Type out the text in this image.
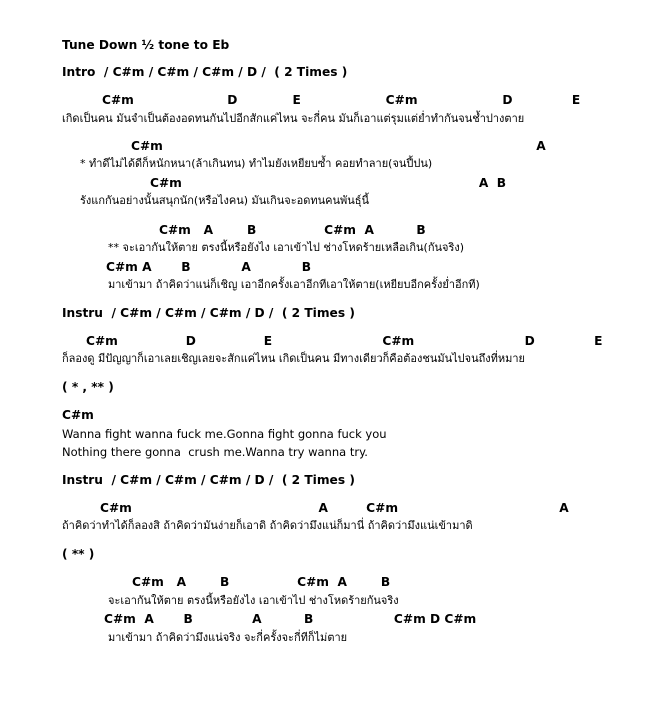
Tune Down ½ tone to Eb
Intro  / C#m / C#m / C#m / D /  ( 2 Times )
C#m                      D             E                    C#m                    D              E
เกิดเป็นคน มันจำเป็นต้องอดทนกันไปอีกสักแค่ไหน จะกี่คน มันก็เอาแต่รุมแต่ย่ำทำกันจนช้ำปางตาย
C#m                                                                                        A
* ทำดีไม่ได้ดีก็หนักหนา(ล้าเกินทน) ทำไมยังเหยียบซ้ำ คอยทำลาย(จนปี้ปน)
C#m                                                                      A  B
รังแกกันอย่างนั้นสนุกนัก(หรือไงคน) มันเกินจะอดทนคนพันธุ์นี้
C#m   A        B                C#m  A          B
** จะเอากันให้ตาย ตรงนี้หรือยังไง เอาเข้าไป ช่างโหดร้ายเหลือเกิน(กันจริง)
C#m A       B            A            B
มาเข้ามา ถ้าคิดว่าแน่ก็เชิญ เอาอีกครั้งเอาอีกทีเอาให้ตาย(เหยียบอีกครั้งย่ำอีกที)
Instru  / C#m / C#m / C#m / D /  ( 2 Times )
C#m                D                E                          C#m                          D              E
ก็ลองดู มีปัญญาก็เอาเลยเชิญเลยจะสักแค่ไหน เกิดเป็นคน มีทางเดียวก็คือต้องชนมันไปจนถึงที่หมาย
( * , ** )
C#m
Wanna fight wanna fuck me.Gonna fight gonna fuck you
Nothing there gonna  crush me.Wanna try wanna try.
Instru  / C#m / C#m / C#m / D /  ( 2 Times )
C#m                                            A         C#m                                      A
ถ้าคิดว่าทำได้ก็ลองสิ ถ้าคิดว่ามันง่ายก็เอาดิ ถ้าคิดว่ามึงแน่ก็มานี่ ถ้าคิดว่ามึงแน่เข้ามาดิ
( ** )
C#m   A        B                C#m  A        B
จะเอากันให้ตาย ตรงนี้หรือยังไง เอาเข้าไป ช่างโหดร้ายกันจริง
C#m  A       B              A          B                   C#m D C#m
มาเข้ามา ถ้าคิดว่ามึงแน่จริง จะกี่ครั้งจะกี่ทีก็ไม่ตาย
